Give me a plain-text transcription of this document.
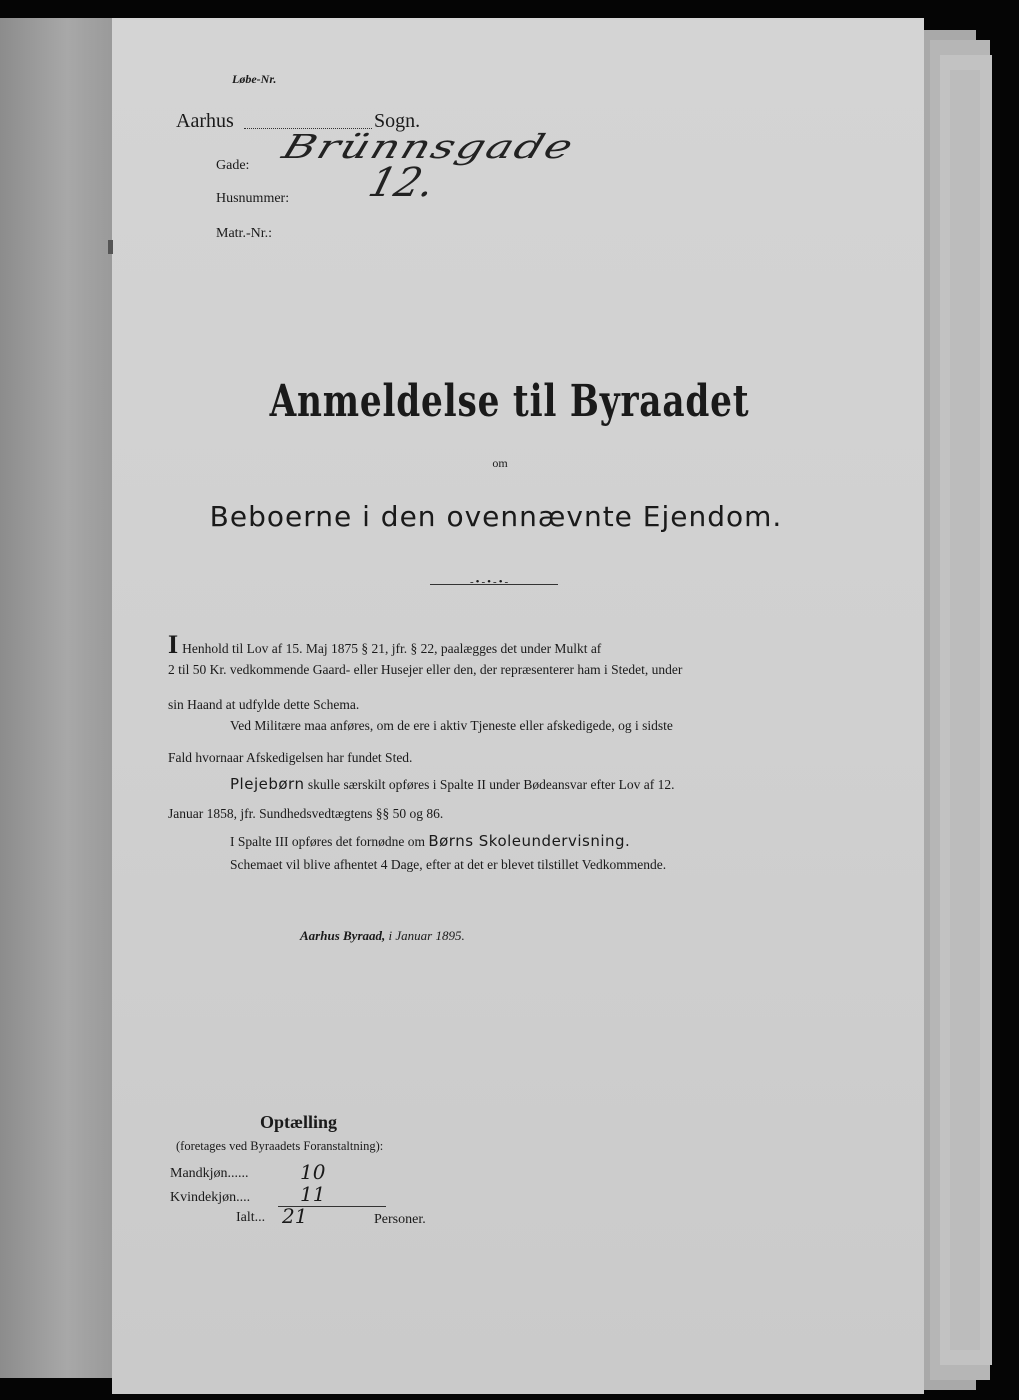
Løbe-Nr.
Aarhus	Sogn.
Gade: Brünnsgade
Husnummer: 12.
Matr.-Nr.:
Anmeldelse til Byraadet
om
Beboerne i den ovennævnte Ejendom.
-•-•-•-
I Henhold til Lov af 15. Maj 1875 § 21, jfr. § 22, paalægges det under Mulkt af
2 til 50 Kr. vedkommende Gaard- eller Husejer eller den, der repræsenterer ham i Stedet, under
sin Haand at udfylde dette Schema.
Ved Militære maa anføres, om de ere i aktiv Tjeneste eller afskedigede, og i sidste
Fald hvornaar Afskedigelsen har fundet Sted.
Plejebørn skulle særskilt opføres i Spalte II under Bødeansvar efter Lov af 12.
Januar 1858, jfr. Sundhedsvedtægtens §§ 50 og 86.
I Spalte III opføres det fornødne om Børns Skoleundervisning.
Schemaet vil blive afhentet 4 Dage, efter at det er blevet tilstillet Vedkommende.
Aarhus Byraad, i Januar 1895.
Optælling
(foretages ved Byraadets Foranstaltning):
Mandkjøn......	10
Kvindekjøn.... 11
Ialt... 21	Personer.
